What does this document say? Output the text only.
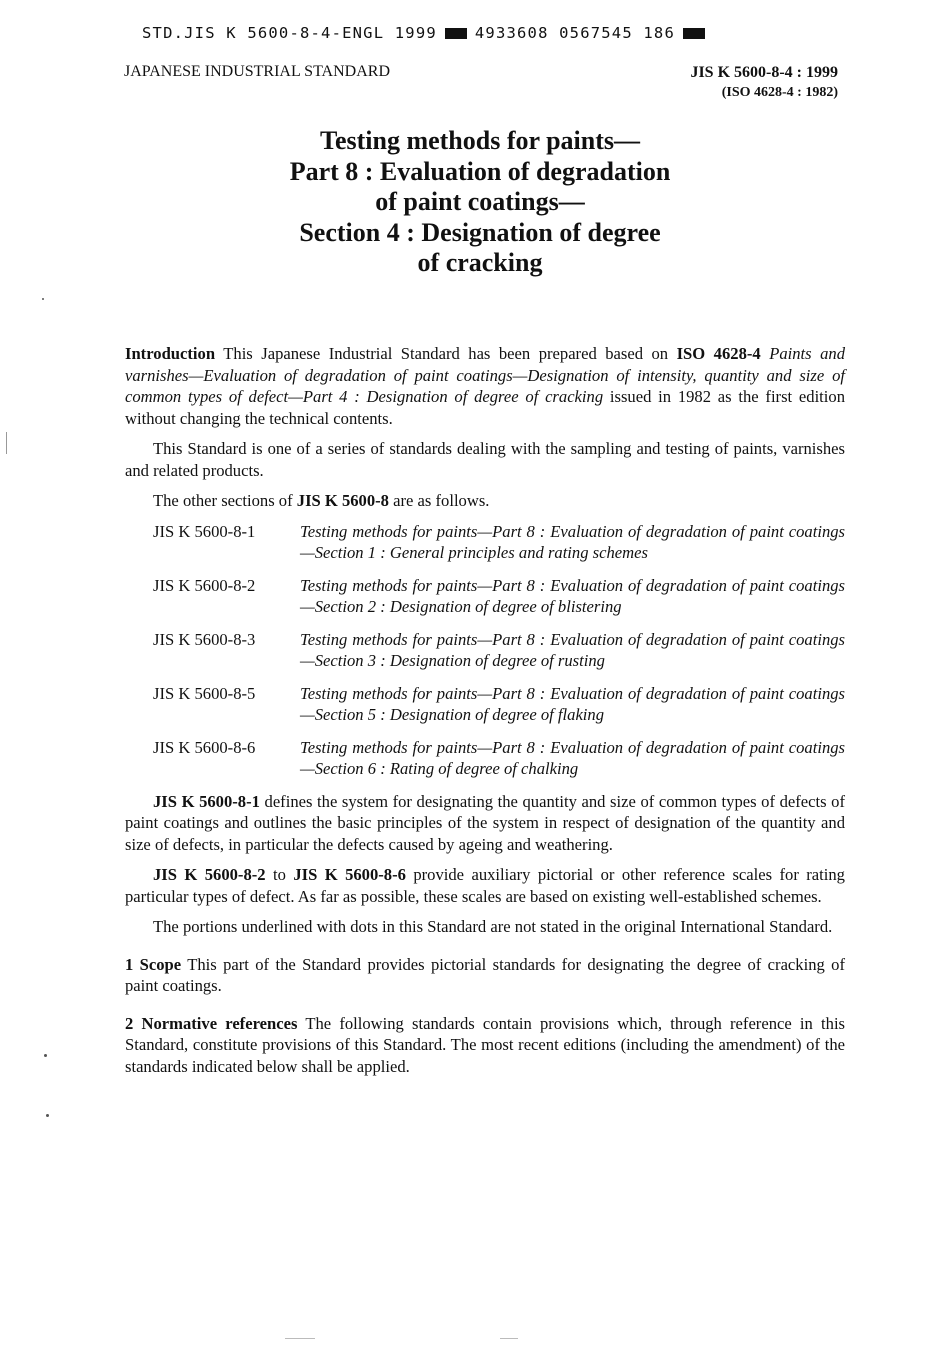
STD.JIS K 5600-8-4-ENGL 1999 4933608 0567545 186
JAPANESE INDUSTRIAL STANDARD	JIS K 5600-8-4 : 1999
(ISO 4628-4 : 1982)
Testing methods for paints—
Part 8 : Evaluation of degradation
of paint coatings—
Section 4 : Designation of degree
of cracking

Introduction This Japanese Industrial Standard has been prepared based on ISO 4628-4 Paints and varnishes—Evaluation of degradation of paint coatings—Designation of intensity, quantity and size of common types of defect—Part 4 : Designation of degree of cracking issued in 1982 as the first edition without changing the technical contents.

This Standard is one of a series of standards dealing with the sampling and testing of paints, varnishes and related products.

The other sections of JIS K 5600-8 are as follows.

JIS K 5600-8-1	Testing methods for paints—Part 8 : Evaluation of degradation of paint coatings—Section 1 : General principles and rating schemes
JIS K 5600-8-2	Testing methods for paints—Part 8 : Evaluation of degradation of paint coatings—Section 2 : Designation of degree of blistering
JIS K 5600-8-3	Testing methods for paints—Part 8 : Evaluation of degradation of paint coatings—Section 3 : Designation of degree of rusting
JIS K 5600-8-5	Testing methods for paints—Part 8 : Evaluation of degradation of paint coatings—Section 5 : Designation of degree of flaking
JIS K 5600-8-6	Testing methods for paints—Part 8 : Evaluation of degradation of paint coatings—Section 6 : Rating of degree of chalking

JIS K 5600-8-1 defines the system for designating the quantity and size of common types of defects of paint coatings and outlines the basic principles of the system in respect of designation of the quantity and size of defects, in particular the defects caused by ageing and weathering.

JIS K 5600-8-2 to JIS K 5600-8-6 provide auxiliary pictorial or other reference scales for rating particular types of defect. As far as possible, these scales are based on existing well-established schemes.

The portions underlined with dots in this Standard are not stated in the original International Standard.

1 Scope This part of the Standard provides pictorial standards for designating the degree of cracking of paint coatings.

2 Normative references The following standards contain provisions which, through reference in this Standard, constitute provisions of this Standard. The most recent editions (including the amendment) of the standards indicated below shall be applied.
